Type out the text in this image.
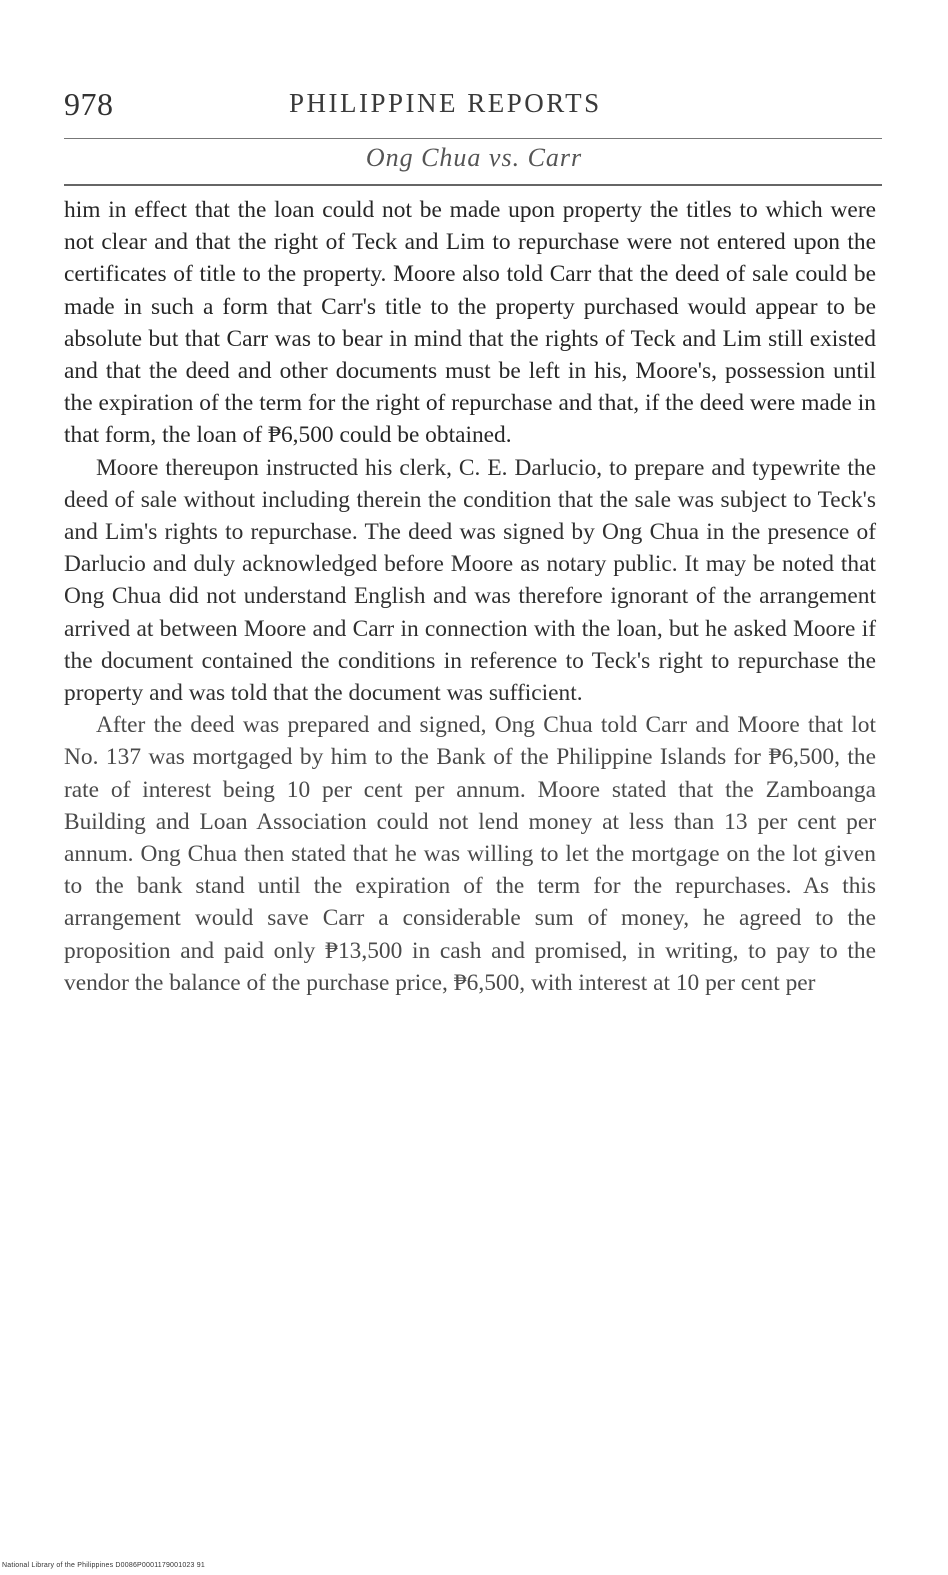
978	PHILIPPINE REPORTS
Ong Chua vs. Carr

him in effect that the loan could not be made upon property the titles to which were not clear and that the right of Teck and Lim to repurchase were not entered upon the certificates of title to the property. Moore also told Carr that the deed of sale could be made in such a form that Carr's title to the property purchased would appear to be absolute but that Carr was to bear in mind that the rights of Teck and Lim still existed and that the deed and other documents must be left in his, Moore's, possession until the expiration of the term for the right of repurchase and that, if the deed were made in that form, the loan of ₱6,500 could be obtained.

Moore thereupon instructed his clerk, C. E. Darlucio, to prepare and typewrite the deed of sale without including therein the condition that the sale was subject to Teck's and Lim's rights to repurchase. The deed was signed by Ong Chua in the presence of Darlucio and duly acknowledged before Moore as notary public. It may be noted that Ong Chua did not understand English and was therefore ignorant of the arrangement arrived at between Moore and Carr in connection with the loan, but he asked Moore if the document contained the conditions in reference to Teck's right to repurchase the property and was told that the document was sufficient.

After the deed was prepared and signed, Ong Chua told Carr and Moore that lot No. 137 was mortgaged by him to the Bank of the Philippine Islands for ₱6,500, the rate of interest being 10 per cent per annum. Moore stated that the Zamboanga Building and Loan Association could not lend money at less than 13 per cent per annum. Ong Chua then stated that he was willing to let the mortgage on the lot given to the bank stand until the expiration of the term for the repurchases. As this arrangement would save Carr a considerable sum of money, he agreed to the proposition and paid only ₱13,500 in cash and promised, in writing, to pay to the vendor the balance of the purchase price, ₱6,500, with interest at 10 per cent per

National Library of the Philippines D0086P0001179001023 91
